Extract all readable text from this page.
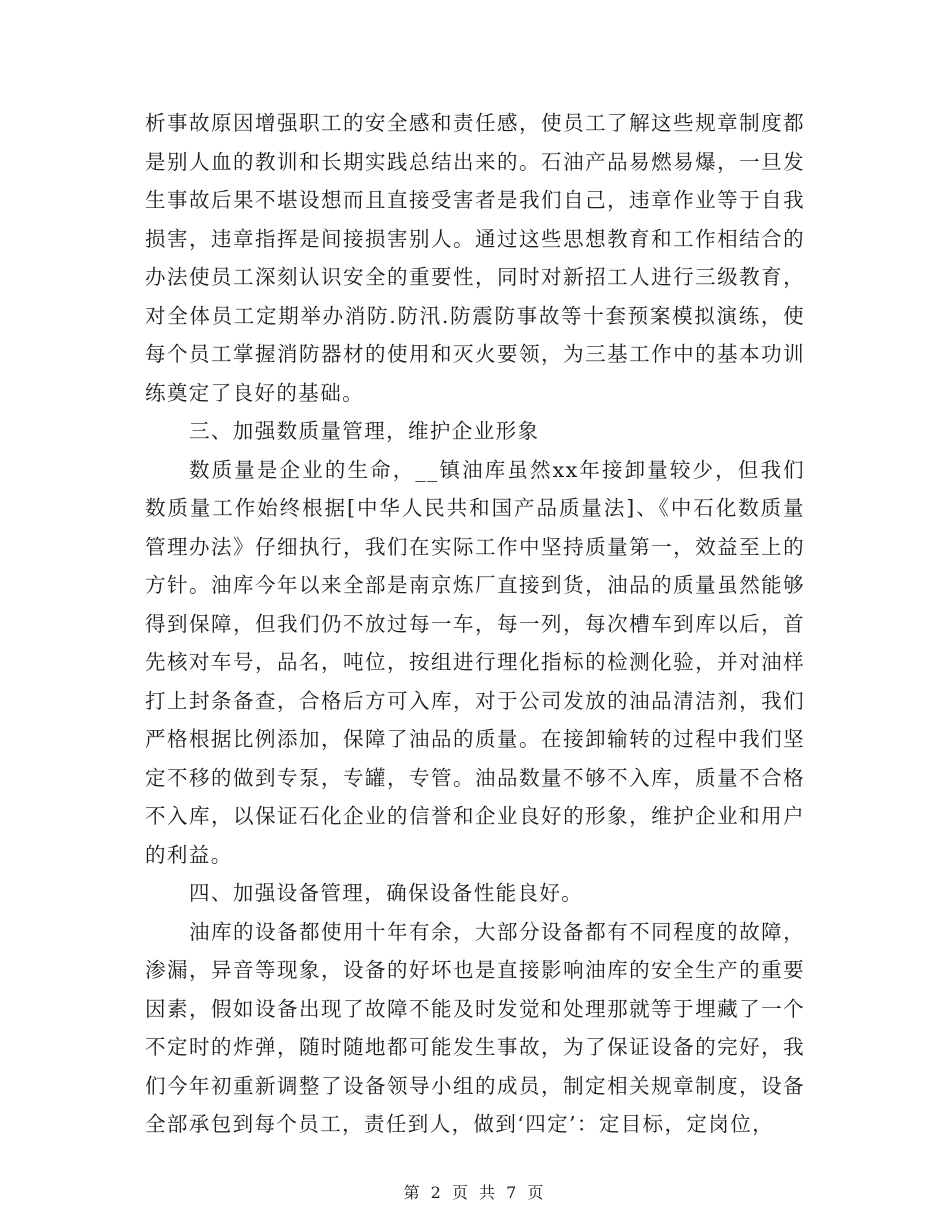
析事故原因增强职工的安全感和责任感，使员工了解这些规章制度都是别人血的教训和长期实践总结出来的。石油产品易燃易爆，一旦发生事故后果不堪设想而且直接受害者是我们自己，违章作业等于自我损害，违章指挥是间接损害别人。通过这些思想教育和工作相结合的办法使员工深刻认识安全的重要性，同时对新招工人进行三级教育，对全体员工定期举办消防.防汛.防震防事故等十套预案模拟演练，使每个员工掌握消防器材的使用和灭火要领，为三基工作中的基本功训练奠定了良好的基础。

三、加强数质量管理，维护企业形象

数质量是企业的生命，__镇油库虽然xx年接卸量较少，但我们数质量工作始终根据[中华人民共和国产品质量法]、《中石化数质量管理办法》仔细执行，我们在实际工作中坚持质量第一，效益至上的方针。油库今年以来全部是南京炼厂直接到货，油品的质量虽然能够得到保障，但我们仍不放过每一车，每一列，每次槽车到库以后，首先核对车号，品名，吨位，按组进行理化指标的检测化验，并对油样打上封条备查，合格后方可入库，对于公司发放的油品清洁剂，我们严格根据比例添加，保障了油品的质量。在接卸输转的过程中我们坚定不移的做到专泵，专罐，专管。油品数量不够不入库，质量不合格不入库，以保证石化企业的信誉和企业良好的形象，维护企业和用户的利益。

四、加强设备管理，确保设备性能良好。

油库的设备都使用十年有余，大部分设备都有不同程度的故障，渗漏，异音等现象，设备的好坏也是直接影响油库的安全生产的重要因素，假如设备出现了故障不能及时发觉和处理那就等于埋藏了一个不定时的炸弹，随时随地都可能发生事故，为了保证设备的完好，我们今年初重新调整了设备领导小组的成员，制定相关规章制度，设备全部承包到每个员工，责任到人，做到‘四定’：定目标，定岗位，

第 2 页 共 7 页
